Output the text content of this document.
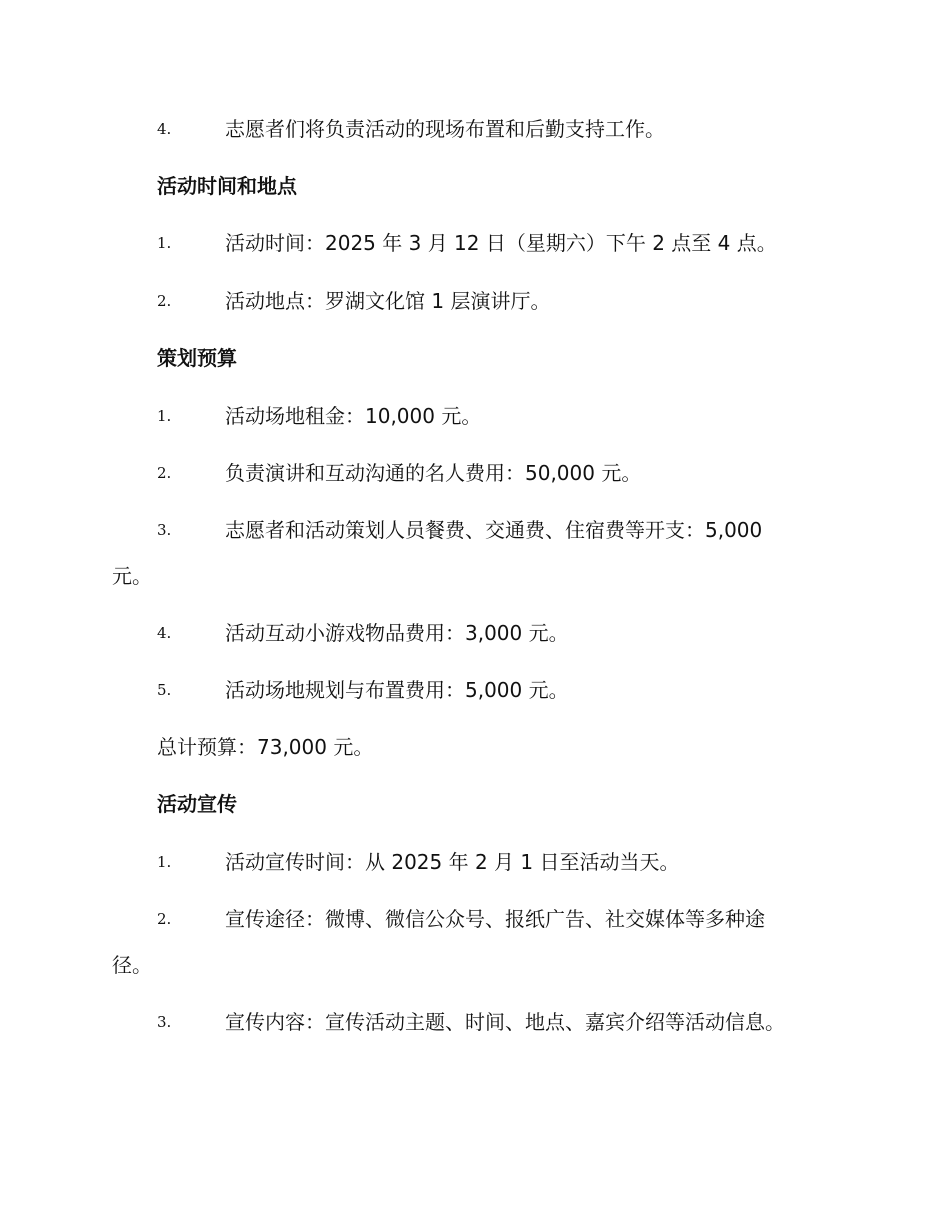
4.	志愿者们将负责活动的现场布置和后勤支持工作。
活动时间和地点
1.	活动时间：2025 年 3 月 12 日（星期六）下午 2 点至 4 点。
2.	活动地点：罗湖文化馆 1 层演讲厅。
策划预算
1.	活动场地租金：10,000 元。
2.	负责演讲和互动沟通的名人费用：50,000 元。
3.	志愿者和活动策划人员餐费、交通费、住宿费等开支：5,000
元。
4.	活动互动小游戏物品费用：3,000 元。
5.	活动场地规划与布置费用：5,000 元。
总计预算：73,000 元。
活动宣传
1.	活动宣传时间：从 2025 年 2 月 1 日至活动当天。
2.	宣传途径：微博、微信公众号、报纸广告、社交媒体等多种途
径。
3.	宣传内容：宣传活动主题、时间、地点、嘉宾介绍等活动信息。
